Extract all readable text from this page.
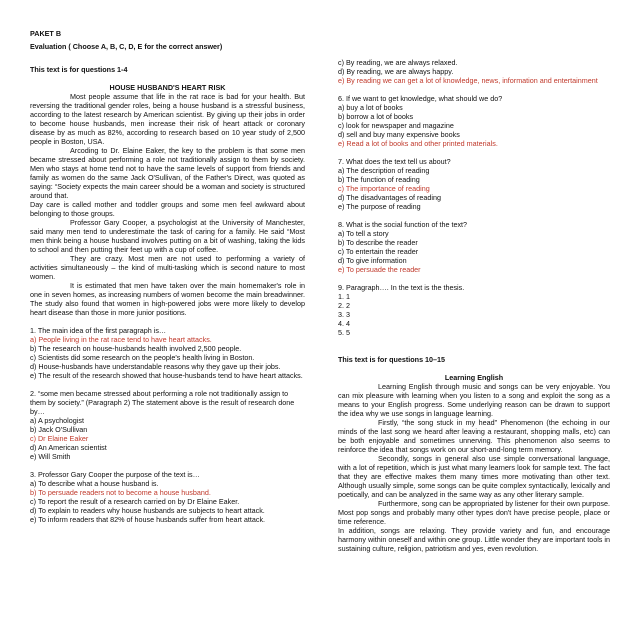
PAKET B
Evaluation ( Choose A, B, C, D, E for the correct answer)
This text is for questions 1-4
HOUSE HUSBAND'S HEART RISK

Most people assume that life in the rat race is bad for your health. But reversing the traditional gender roles, being a house husband is a stressful business, according to the latest research by American scientist. By giving up their jobs in order to become house husbands, men increase their risk of heart attack or coronary disease by as much as 82%, according to research based on 10 year study of 2,500 people in Boston, USA.

Arcoding to Dr. Elaine Eaker, the key to the problem is that some men became stressed about performing a role not traditionally assign to them by society. Men who stays at home tend not to have the same levels of support from friends and family as women do the same Jack O'Sullivan, of the Father's Direct, was quoted as saying: “Society expects the main career should be a woman and society is structured around that.

Day care is called mother and toddler groups and some men feel awkward about belonging to those groups.

Professor Gary Cooper, a psychologist at the University of Manchester, said many men tend to underestimate the task of caring for a family. He said “Most men think being a house husband involves putting on a bit of washing, taking the kids to school and then putting their feet up with a cup of coffee.

They are crazy. Most men are not used to performing a variety of activities simultaneously – the kind of multi-tasking which is second nature to most women.

It is estimated that men have taken over the main homemaker's role in one in seven homes, as increasing numbers of women become the main breadwinner. The study also found that women in high-powered jobs were more likely to develop heart disease than those in more junior positions.

1. The main idea of the first paragraph is…
a) People living in the rat race tend to have heart attacks.
b) The research on house-husbands health involved 2,500 people.
c) Scientists did some research on the people's health living in Boston.
d) House-husbands have understandable reasons why they gave up their jobs.
e) The result of the research showed that house-husbands tend to have heart attacks.
2. “some men became stressed about performing a role not traditionally assign to them by society.” (Paragraph 2) The statement above is the result of research done by…
a) A psychologist
b) Jack O'Sullivan
c) Dr Elaine Eaker
d) An American scientist
e) Will Smith
3. Professor Gary Cooper the purpose of the text is…
a) To describe what a house husband is.
b) To persuade readers not to become a house husband.
c) To report the result of a research carried on by Dr Elaine Eaker.
d) To explain to readers why house husbands are subjects to heart attack.
e) To inform readers that 82% of house husbands suffer from heart attack.
c) By reading, we are always relaxed.
d) By reading, we are always happy.
e) By reading we can get a lot of knowledge, news, information and entertainment
6. If we want to get knowledge, what should we do?
a) buy a lot of books
b) borrow a lot of books
c) look for newspaper and magazine
d) sell and buy many expensive books
e) Read a lot of books and other printed materials.
7. What does the text tell us about?
a) The description of reading
b) The function of reading
c) The importance of reading
d) The disadvantages of reading
e) The purpose of reading
8. What is the social function of the text?
a) To tell a story
b) To describe the reader
c) To entertain the reader
d) To give information
e) To persuade the reader
9. Paragraph…. In the text is the thesis.
1. 1
2. 2
3. 3
4. 4
5. 5
This text is for questions 10–15
Learning English

Learning English through music and songs can be very enjoyable. You can mix pleasure with learning when you listen to a song and exploit the song as a means to your English progress. Some underlying reason can be drawn to support the idea why we use songs in language learning.

Firstly, “the song stuck in my head” Phenomenon (the echoing in our minds of the last song we heard after leaving a restaurant, shopping malls, etc) can be both enjoyable and sometimes unnerving. This phenomenon also seems to reinforce the idea that songs work on our short-and-long term memory.

Secondly, songs in general also use simple conversational language, with a lot of repetition, which is just what many learners look for sample text. The fact that they are effective makes them many times more motivating than other text. Although usually simple, some songs can be quite complex syntactically, lexically and poetically, and can be analyzed in the same way as any other literary sample.

Furthermore, song can be appropriated by listener for their own purpose. Most pop songs and probably many other types don't have precise people, place or time reference.

In addition, songs are relaxing. They provide variety and fun, and encourage harmony within oneself and within one group. Little wonder they are important tools in sustaining culture, religion, patriotism and yes, even revolution.
